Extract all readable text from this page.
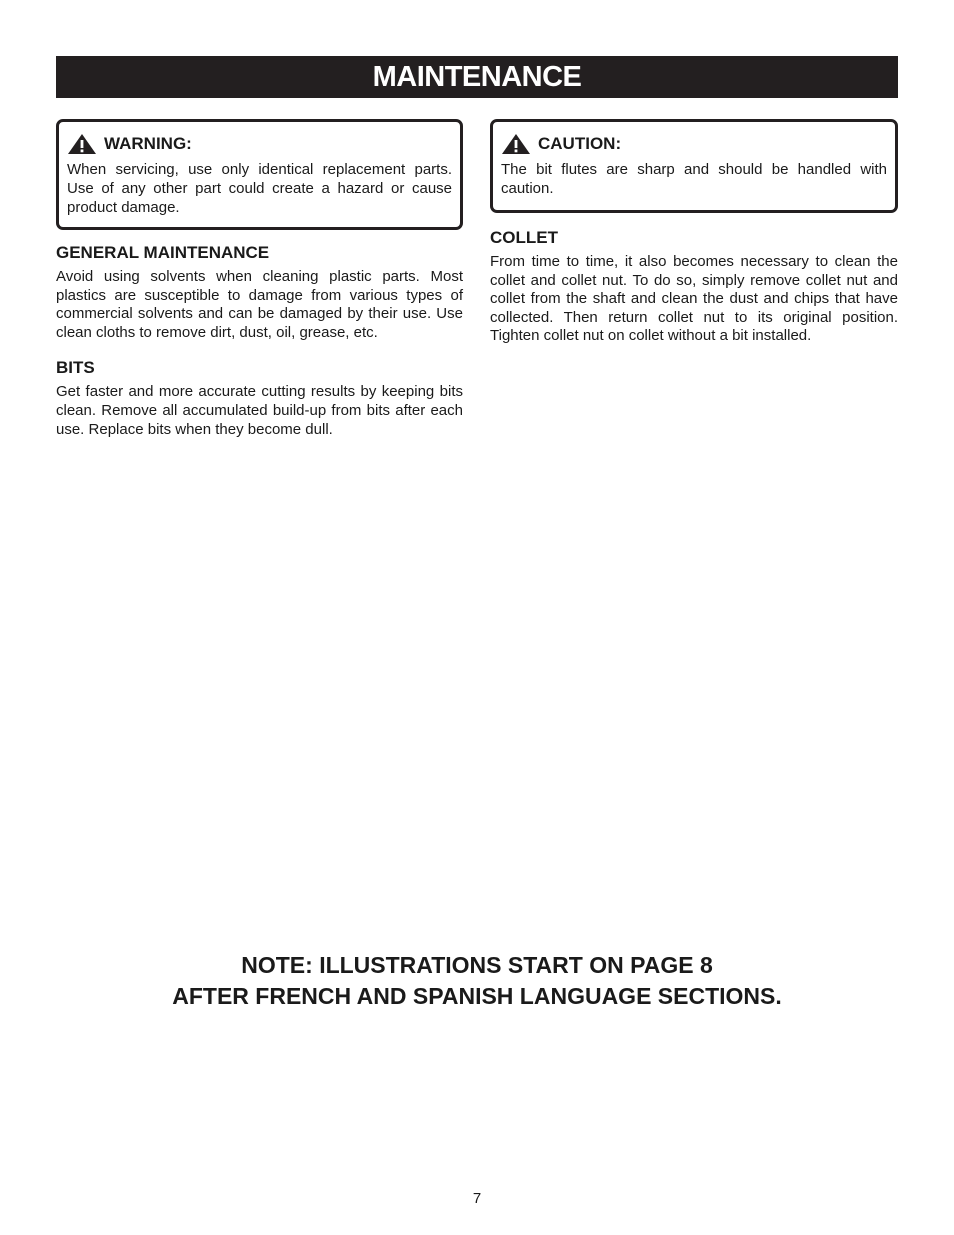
MAINTENANCE
WARNING:

When servicing, use only identical replacement parts. Use of any other part could create a hazard or cause product damage.

GENERAL MAINTENANCE

Avoid using solvents when cleaning plastic parts. Most plastics are susceptible to damage from various types of commercial solvents and can be damaged by their use. Use clean cloths to remove dirt, dust, oil, grease, etc.

BITS

Get faster and more accurate cutting results by keeping bits clean. Remove all accumulated build-up from bits after each use. Replace bits when they become dull.

CAUTION:

The bit flutes are sharp and should be handled with caution.

COLLET

From time to time, it also becomes necessary to clean the collet and collet nut. To do so, simply remove collet nut and collet from the shaft and clean the dust and chips that have collected. Then return collet nut to its original position. Tighten collet nut on collet without a bit installed.

NOTE: ILLUSTRATIONS START ON PAGE 8
AFTER FRENCH AND SPANISH LANGUAGE SECTIONS.
7
